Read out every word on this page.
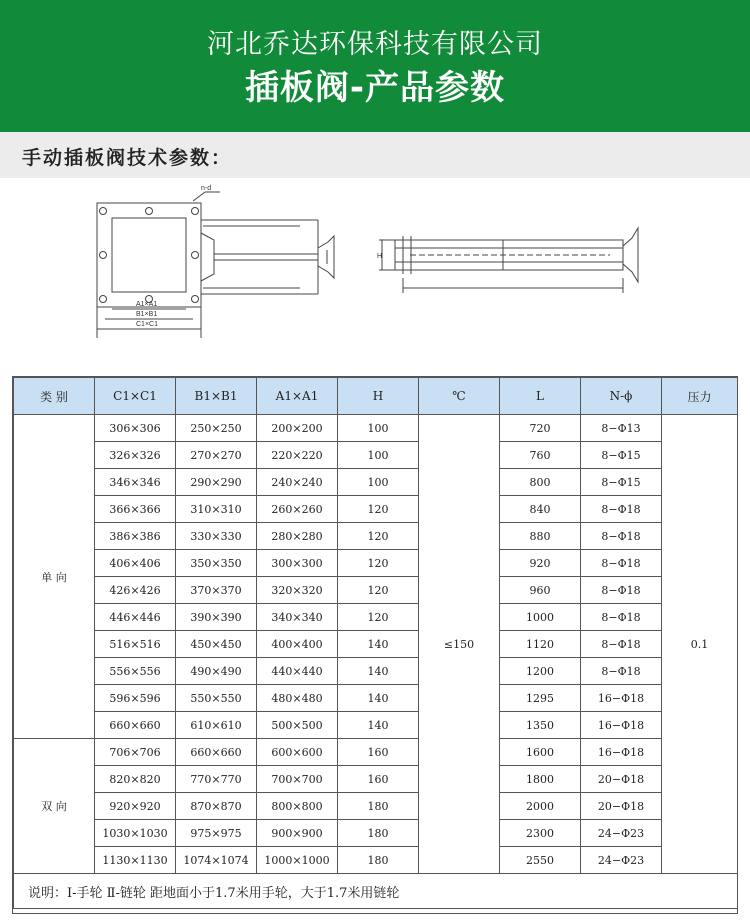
河北乔达环保科技有限公司
插板阀-产品参数
手动插板阀技术参数：
n-d
A1×A1
B1×B1
C1×C1
H
类 别	C1×C1	B1×B1	A1×A1	H	℃	L	N-ϕ	压力
单 向	306×306	250×250	200×200	100	≤150	720	8−Φ13	0.1
	326×326	270×270	220×220	100		760	8−Φ15	
	346×346	290×290	240×240	100		800	8−Φ15	
	366×366	310×310	260×260	120		840	8−Φ18	
	386×386	330×330	280×280	120		880	8−Φ18	
	406×406	350×350	300×300	120		920	8−Φ18	
	426×426	370×370	320×320	120		960	8−Φ18	
	446×446	390×390	340×340	120		1000	8−Φ18	
	516×516	450×450	400×400	140		1120	8−Φ18	
	556×556	490×490	440×440	140		1200	8−Φ18	
	596×596	550×550	480×480	140		1295	16−Φ18	
	660×660	610×610	500×500	140		1350	16−Φ18	
双 向	706×706	660×660	600×600	160		1600	16−Φ18	
	820×820	770×770	700×700	160		1800	20−Φ18	
	920×920	870×870	800×800	180		2000	20−Φ18	
	1030×1030	975×975	900×900	180		2300	24−Φ23	
	1130×1130	1074×1074	1000×1000	180		2550	24−Φ23	
说明：Ⅰ-手轮 Ⅱ-链轮 距地面小于1.7米用手轮，大于1.7米用链轮								
